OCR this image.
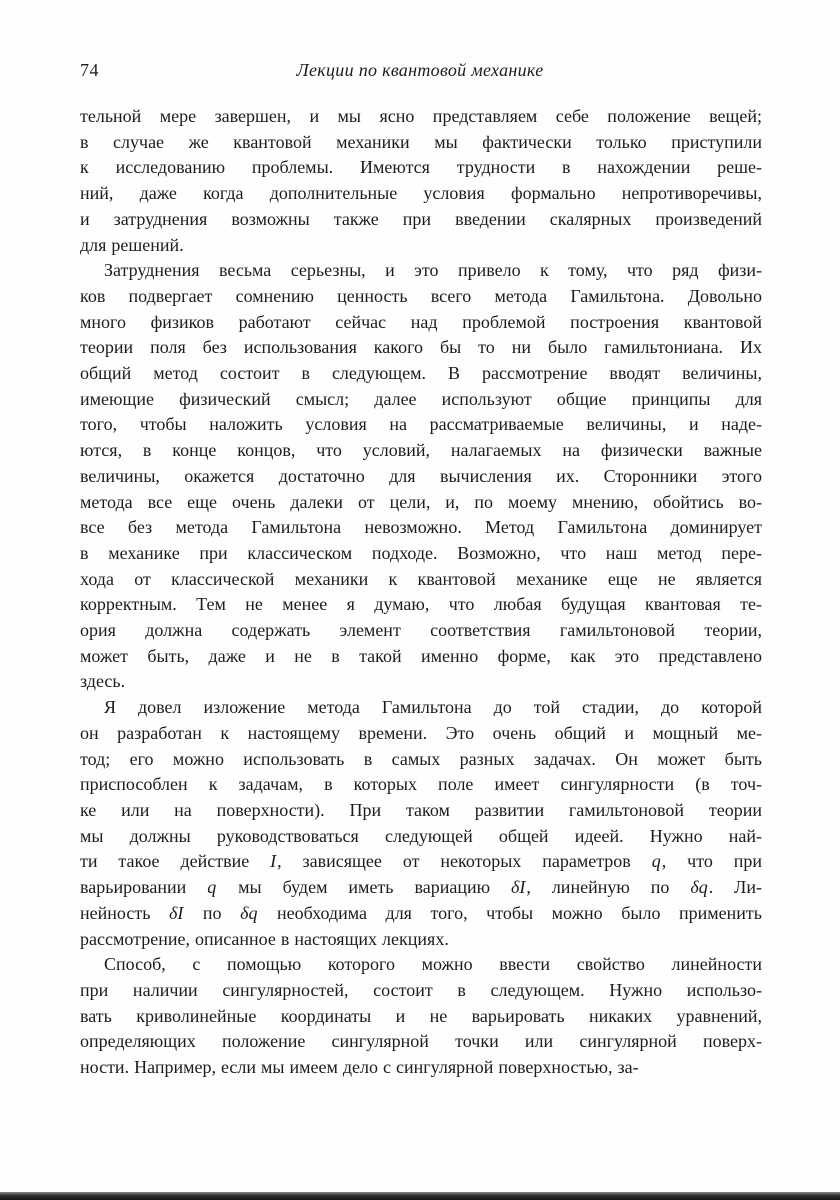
74	Лекции по квантовой механике
тельной мере завершен, и мы ясно представляем себе положение вещей;
в случае же квантовой механики мы фактически только приступили
к исследованию проблемы. Имеются трудности в нахождении реше-
ний, даже когда дополнительные условия формально непротиворечивы,
и затруднения возможны также при введении скалярных произведений
для решений.
Затруднения весьма серьезны, и это привело к тому, что ряд физи-
ков подвергает сомнению ценность всего метода Гамильтона. Довольно
много физиков работают сейчас над проблемой построения квантовой
теории поля без использования какого бы то ни было гамильтониана. Их
общий метод состоит в следующем. В рассмотрение вводят величины,
имеющие физический смысл; далее используют общие принципы для
того, чтобы наложить условия на рассматриваемые величины, и наде-
ются, в конце концов, что условий, налагаемых на физически важные
величины, окажется достаточно для вычисления их. Сторонники этого
метода все еще очень далеки от цели, и, по моему мнению, обойтись во-
все без метода Гамильтона невозможно. Метод Гамильтона доминирует
в механике при классическом подходе. Возможно, что наш метод пере-
хода от классической механики к квантовой механике еще не является
корректным. Тем не менее я думаю, что любая будущая квантовая те-
ория должна содержать элемент соответствия гамильтоновой теории,
может быть, даже и не в такой именно форме, как это представлено
здесь.
Я довел изложение метода Гамильтона до той стадии, до которой
он разработан к настоящему времени. Это очень общий и мощный ме-
тод; его можно использовать в самых разных задачах. Он может быть
приспособлен к задачам, в которых поле имеет сингулярности (в точ-
ке или на поверхности). При таком развитии гамильтоновой теории
мы должны руководствоваться следующей общей идеей. Нужно най-
ти такое действие I, зависящее от некоторых параметров q, что при
варьировании q мы будем иметь вариацию δI, линейную по δq. Ли-
нейность δI по δq необходима для того, чтобы можно было применить
рассмотрение, описанное в настоящих лекциях.
Способ, с помощью которого можно ввести свойство линейности
при наличии сингулярностей, состоит в следующем. Нужно использо-
вать криволинейные координаты и не варьировать никаких уравнений,
определяющих положение сингулярной точки или сингулярной поверх-
ности. Например, если мы имеем дело с сингулярной поверхностью, за-
